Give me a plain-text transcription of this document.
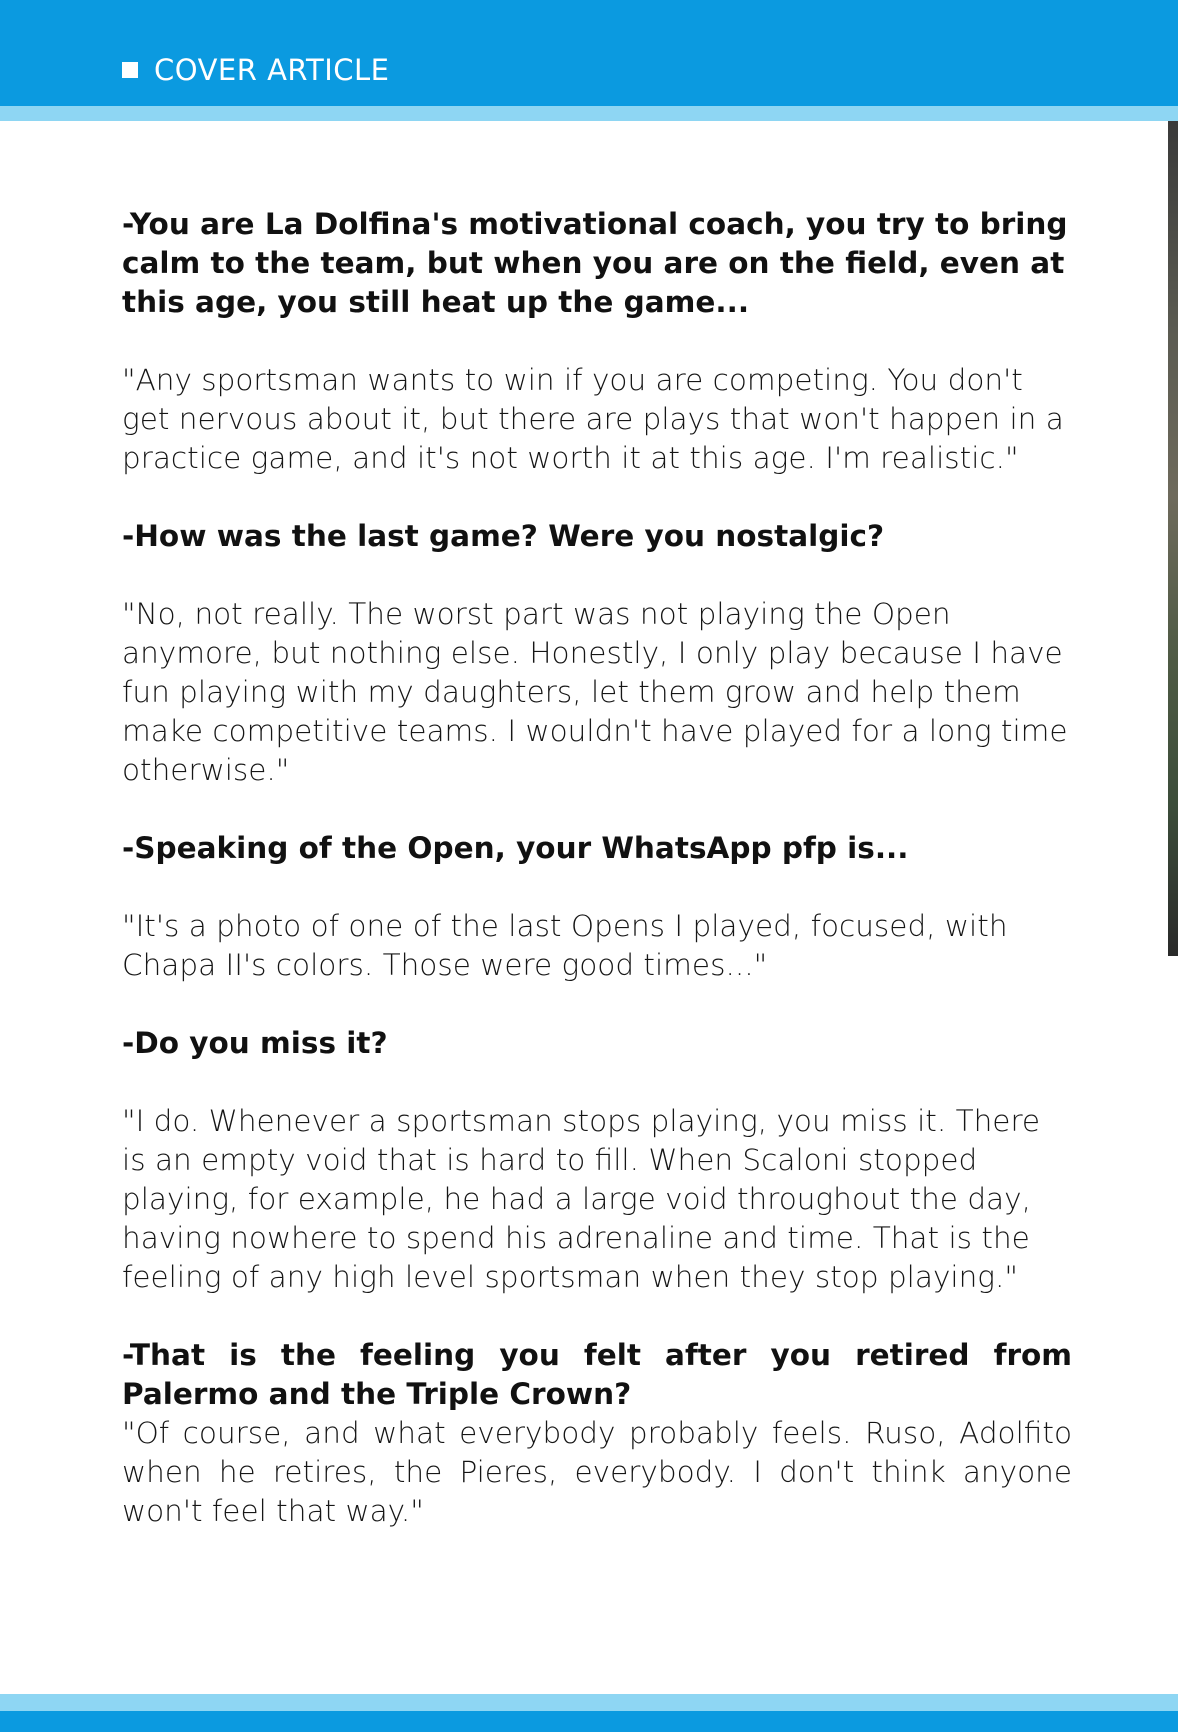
COVER ARTICLE

-You are La Dolfina's motivational coach, you try to bring calm to the team, but when you are on the field, even at this age, you still heat up the game...

"Any sportsman wants to win if you are competing. You don't get nervous about it, but there are plays that won't happen in a practice game, and it's not worth it at this age. I'm realistic."

-How was the last game? Were you nostalgic?

"No, not really. The worst part was not playing the Open anymore, but nothing else. Honestly, I only play because I have fun playing with my daughters, let them grow and help them make competitive teams. I wouldn't have played for a long time otherwise."

-Speaking of the Open, your WhatsApp pfp is...

"It's a photo of one of the last Opens I played, focused, with Chapa II's colors. Those were good times..."

-Do you miss it?

"I do. Whenever a sportsman stops playing, you miss it. There is an empty void that is hard to fill. When Scaloni stopped playing, for example, he had a large void throughout the day, having nowhere to spend his adrenaline and time. That is the feeling of any high level sportsman when they stop playing."

-That is the feeling you felt after you retired from Palermo and the Triple Crown?

"Of course, and what everybody probably feels. Ruso, Adolfito when he retires, the Pieres, everybody. I don't think anyone won't feel that way."
